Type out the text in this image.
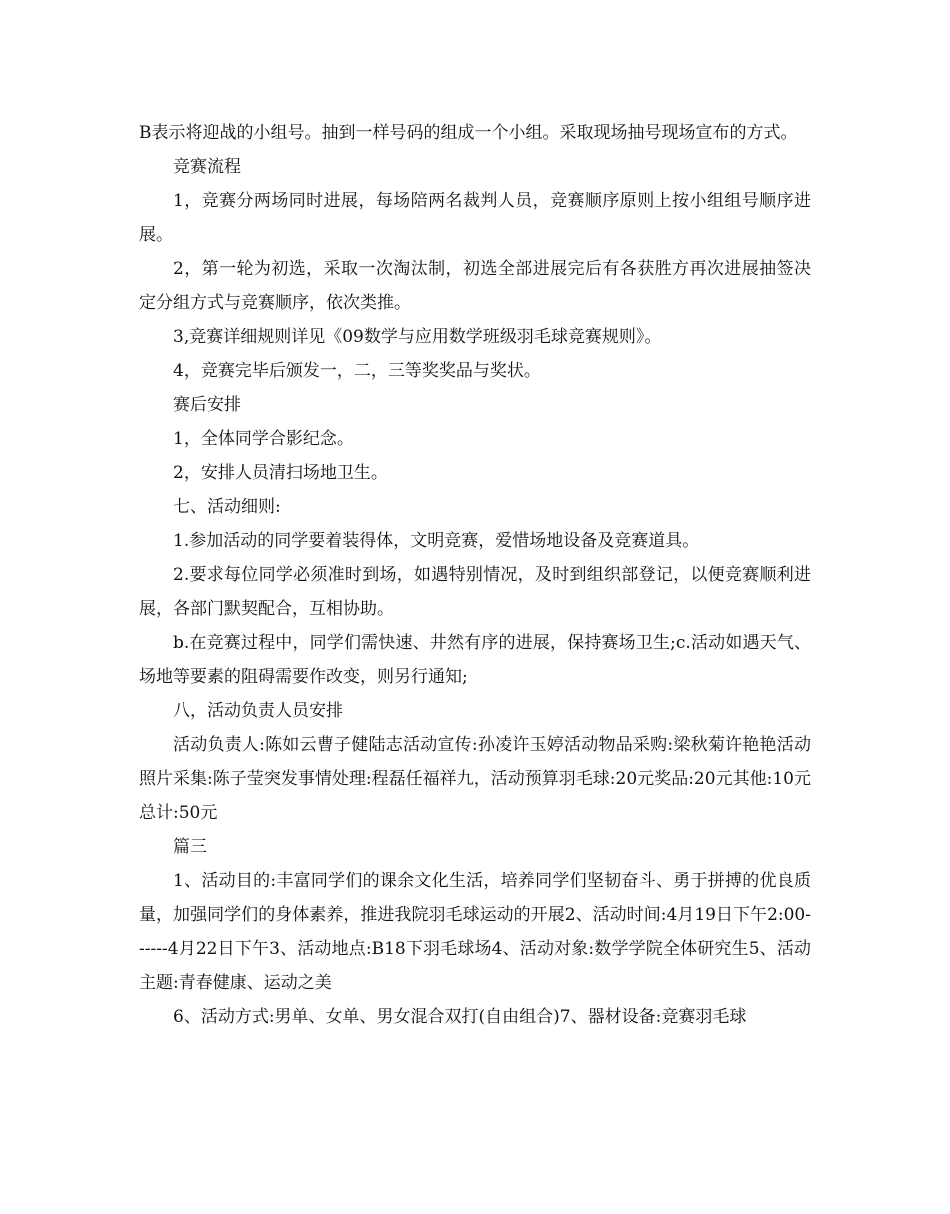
B表示将迎战的小组号。抽到一样号码的组成一个小组。采取现场抽号现场宣布的方式。

竞赛流程

1，竞赛分两场同时进展，每场陪两名裁判人员，竞赛顺序原则上按小组组号顺序进展。

2，第一轮为初选，采取一次淘汰制，初选全部进展完后有各获胜方再次进展抽签决定分组方式与竞赛顺序，依次类推。

3,竞赛详细规则详见《09数学与应用数学班级羽毛球竞赛规则》。

4，竞赛完毕后颁发一，二，三等奖奖品与奖状。

赛后安排

1，全体同学合影纪念。

2，安排人员清扫场地卫生。

七、活动细则:

1.参加活动的同学要着装得体，文明竞赛，爱惜场地设备及竞赛道具。

2.要求每位同学必须准时到场，如遇特别情况，及时到组织部登记，以便竞赛顺利进展，各部门默契配合，互相协助。

b.在竞赛过程中，同学们需快速、井然有序的进展，保持赛场卫生;c.活动如遇天气、场地等要素的阻碍需要作改变，则另行通知;

八，活动负责人员安排

活动负责人:陈如云曹子健陆志活动宣传:孙凌许玉婷活动物品采购:梁秋菊许艳艳活动照片采集:陈子莹突发事情处理:程磊任福祥九，活动预算羽毛球:20元奖品:20元其他:10元总计:50元

篇三

1、活动目的:丰富同学们的课余文化生活，培养同学们坚韧奋斗、勇于拼搏的优良质量，加强同学们的身体素养，推进我院羽毛球运动的开展2、活动时间:4月19日下午2:00------4月22日下午3、活动地点:B18下羽毛球场4、活动对象:数学学院全体研究生5、活动主题:青春健康、运动之美

6、活动方式:男单、女单、男女混合双打(自由组合)7、器材设备:竞赛羽毛球
